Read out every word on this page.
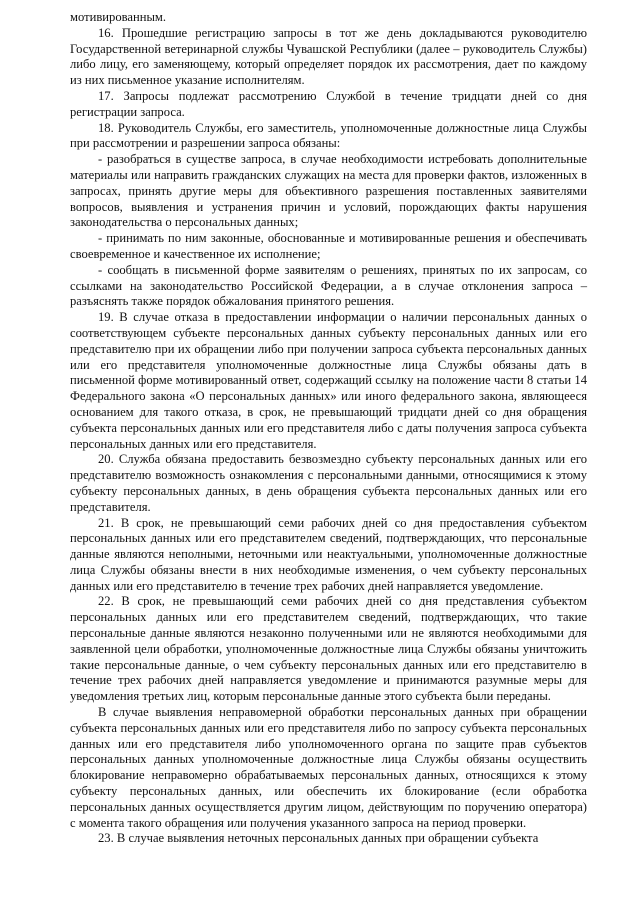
мотивированным.

16. Прошедшие регистрацию запросы в тот же день докладываются руководителю Государственной ветеринарной службы Чувашской Республики (далее – руководитель Службы) либо лицу, его заменяющему, который определяет порядок их рассмотрения, дает по каждому из них письменное указание исполнителям.

17. Запросы подлежат рассмотрению Службой в течение тридцати дней со дня регистрации запроса.

18. Руководитель Службы, его заместитель, уполномоченные должностные лица Службы при рассмотрении и разрешении запроса обязаны:

- разобраться в существе запроса, в случае необходимости истребовать дополнительные материалы или направить гражданских служащих на места для проверки фактов, изложенных в запросах, принять другие меры для объективного разрешения поставленных заявителями вопросов, выявления и устранения причин и условий, порождающих факты нарушения законодательства о персональных данных;

- принимать по ним законные, обоснованные и мотивированные решения и обеспечивать своевременное и качественное их исполнение;

- сообщать в письменной форме заявителям о решениях, принятых по их запросам, со ссылками на законодательство Российской Федерации, а в случае отклонения запроса – разъяснять также порядок обжалования принятого решения.

19. В случае отказа в предоставлении информации о наличии персональных данных о соответствующем субъекте персональных данных субъекту персональных данных или его представителю при их обращении либо при получении запроса субъекта персональных данных или его представителя уполномоченные должностные лица Службы обязаны дать в письменной форме мотивированный ответ, содержащий ссылку на положение части 8 статьи 14 Федерального закона «О персональных данных» или иного федерального закона, являющееся основанием для такого отказа, в срок, не превышающий тридцати дней со дня обращения субъекта персональных данных или его представителя либо с даты получения запроса субъекта персональных данных или его представителя.

20. Служба обязана предоставить безвозмездно субъекту персональных данных или его представителю возможность ознакомления с персональными данными, относящимися к этому субъекту персональных данных, в день обращения субъекта персональных данных или его представителя.

21. В срок, не превышающий семи рабочих дней со дня предоставления субъектом персональных данных или его представителем сведений, подтверждающих, что персональные данные являются неполными, неточными или неактуальными, уполномоченные должностные лица Службы обязаны внести в них необходимые изменения, о чем субъекту персональных данных или его представителю в течение трех рабочих дней направляется уведомление.

22. В срок, не превышающий семи рабочих дней со дня представления субъектом персональных данных или его представителем сведений, подтверждающих, что такие персональные данные являются незаконно полученными или не являются необходимыми для заявленной цели обработки, уполномоченные должностные лица Службы обязаны уничтожить такие персональные данные, о чем субъекту персональных данных или его представителю в течение трех рабочих дней направляется уведомление и принимаются разумные меры для уведомления третьих лиц, которым персональные данные этого субъекта были переданы.

В случае выявления неправомерной обработки персональных данных при обращении субъекта персональных данных или его представителя либо по запросу субъекта персональных данных или его представителя либо уполномоченного органа по защите прав субъектов персональных данных уполномоченные должностные лица Службы обязаны осуществить блокирование неправомерно обрабатываемых персональных данных, относящихся к этому субъекту персональных данных, или обеспечить их блокирование (если обработка персональных данных осуществляется другим лицом, действующим по поручению оператора) с момента такого обращения или получения указанного запроса на период проверки.

23. В случае выявления неточных персональных данных при обращении субъекта
